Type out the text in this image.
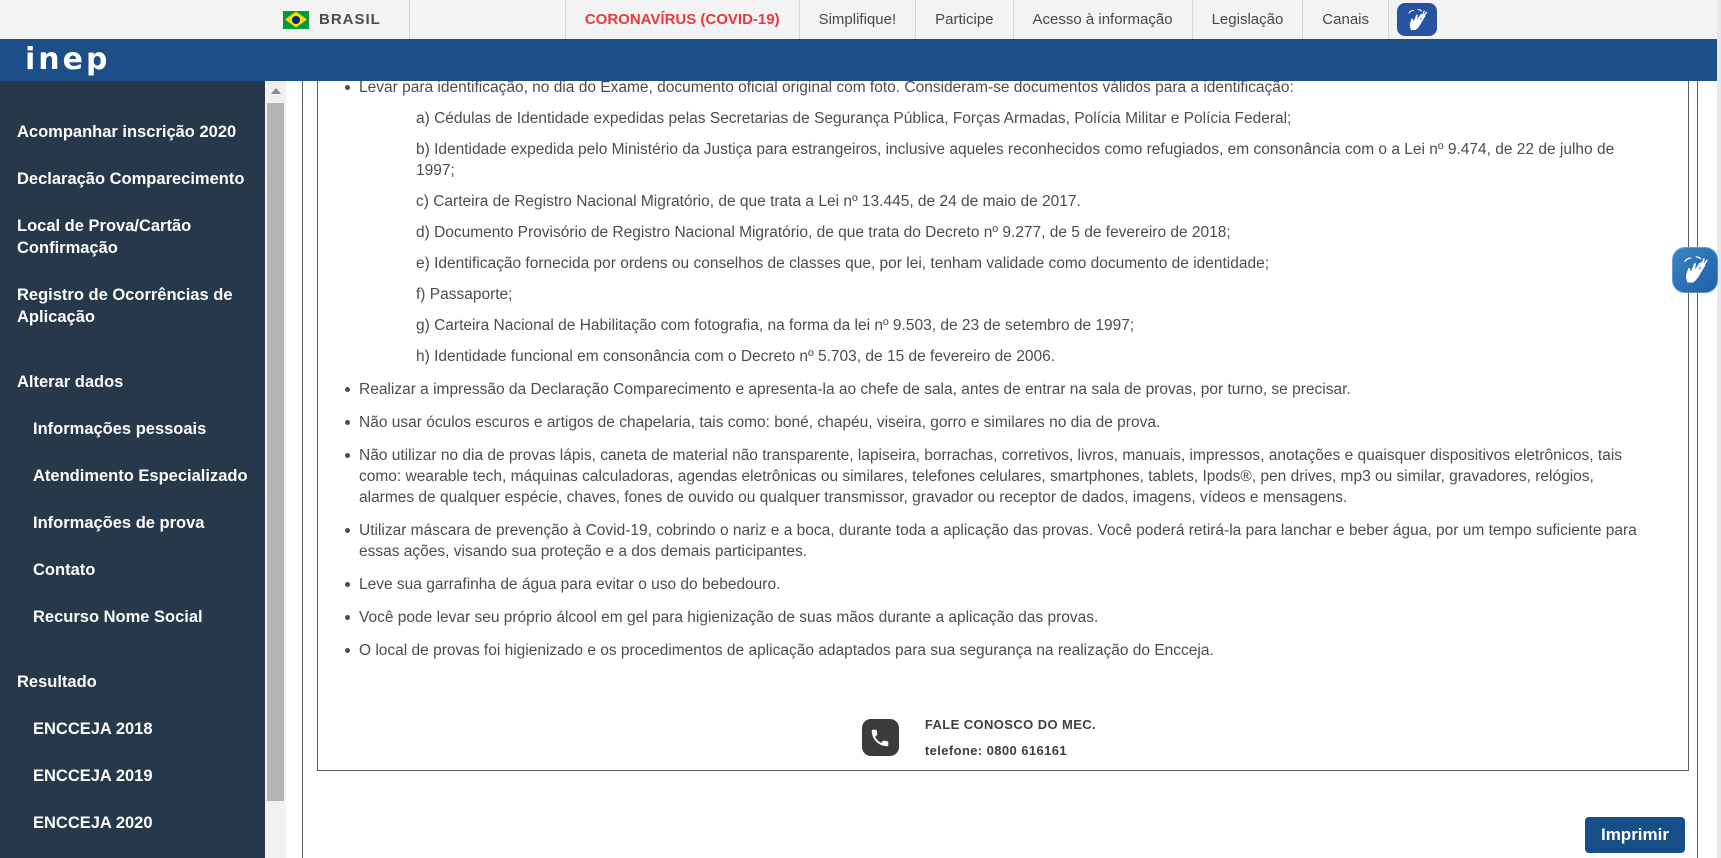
BRASIL	CORONAVÍRUS (COVID-19)	Simplifique!	Participe	Acesso à informação	Legislação	Canais
inep
Acompanhar inscrição 2020
Declaração Comparecimento
Local de Prova/Cartão Confirmação
Registro de Ocorrências de Aplicação
Alterar dados
Informações pessoais
Atendimento Especializado
Informações de prova
Contato
Recurso Nome Social
Resultado
ENCCEJA 2018
ENCCEJA 2019
ENCCEJA 2020
Levar para identificação, no dia do Exame, documento oficial original com foto. Consideram-se documentos válidos para a identificação:

a) Cédulas de Identidade expedidas pelas Secretarias de Segurança Pública, Forças Armadas, Polícia Militar e Polícia Federal;

b) Identidade expedida pelo Ministério da Justiça para estrangeiros, inclusive aqueles reconhecidos como refugiados, em consonância com o a Lei nº 9.474, de 22 de julho de 1997;

c) Carteira de Registro Nacional Migratório, de que trata a Lei nº 13.445, de 24 de maio de 2017.

d) Documento Provisório de Registro Nacional Migratório, de que trata do Decreto nº 9.277, de 5 de fevereiro de 2018;

e) Identificação fornecida por ordens ou conselhos de classes que, por lei, tenham validade como documento de identidade;

f) Passaporte;

g) Carteira Nacional de Habilitação com fotografia, na forma da lei nº 9.503, de 23 de setembro de 1997;

h) Identidade funcional em consonância com o Decreto nº 5.703, de 15 de fevereiro de 2006.

Realizar a impressão da Declaração Comparecimento e apresenta-la ao chefe de sala, antes de entrar na sala de provas, por turno, se precisar.
Não usar óculos escuros e artigos de chapelaria, tais como: boné, chapéu, viseira, gorro e similares no dia de prova.
Não utilizar no dia de provas lápis, caneta de material não transparente, lapiseira, borrachas, corretivos, livros, manuais, impressos, anotações e quaisquer dispositivos eletrônicos, tais como: wearable tech, máquinas calculadoras, agendas eletrônicas ou similares, telefones celulares, smartphones, tablets, Ipods®, pen drives, mp3 ou similar, gravadores, relógios, alarmes de qualquer espécie, chaves, fones de ouvido ou qualquer transmissor, gravador ou receptor de dados, imagens, vídeos e mensagens.
Utilizar máscara de prevenção à Covid-19, cobrindo o nariz e a boca, durante toda a aplicação das provas. Você poderá retirá-la para lanchar e beber água, por um tempo suficiente para essas ações, visando sua proteção e a dos demais participantes.
Leve sua garrafinha de água para evitar o uso do bebedouro.
Você pode levar seu próprio álcool em gel para higienização de suas mãos durante a aplicação das provas.
O local de provas foi higienizado e os procedimentos de aplicação adaptados para sua segurança na realização do Encceja.
FALE CONOSCO DO MEC.
telefone: 0800 616161
Imprimir
